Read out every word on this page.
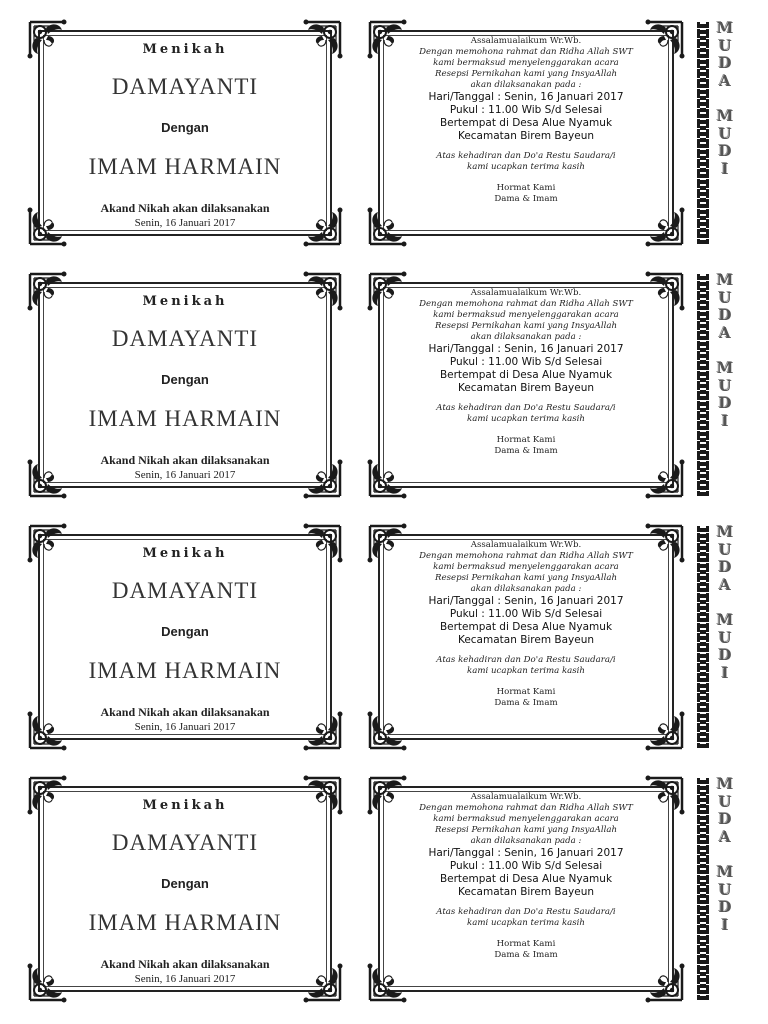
Menikah
DAMAYANTI
Dengan
IMAM HARMAIN
Akand Nikah akan dilaksanakan
Senin, 16 Januari 2017
Assalamualaikum Wr.Wb.
Dengan memohona rahmat dan Ridha Allah SWT
kami bermaksud menyelenggarakan acara
Resepsi Pernikahan kami yang InsyaAllah
akan dilaksanakan pada :
Hari/Tanggal : Senin, 16 Januari 2017
Pukul : 11.00 Wib S/d Selesai
Bertempat di Desa Alue Nyamuk
Kecamatan Birem Bayeun
Atas kehadiran dan Do'a Restu Saudara/i
kami ucapkan terima kasih
Hormat Kami
Dama & Imam
M
U
D
A

M
U
D
I
Menikah
DAMAYANTI
Dengan
IMAM HARMAIN
Akand Nikah akan dilaksanakan
Senin, 16 Januari 2017
Assalamualaikum Wr.Wb.
Dengan memohona rahmat dan Ridha Allah SWT
kami bermaksud menyelenggarakan acara
Resepsi Pernikahan kami yang InsyaAllah
akan dilaksanakan pada :
Hari/Tanggal : Senin, 16 Januari 2017
Pukul : 11.00 Wib S/d Selesai
Bertempat di Desa Alue Nyamuk
Kecamatan Birem Bayeun
Atas kehadiran dan Do'a Restu Saudara/i
kami ucapkan terima kasih
Hormat Kami
Dama & Imam
M
U
D
A

M
U
D
I
Menikah
DAMAYANTI
Dengan
IMAM HARMAIN
Akand Nikah akan dilaksanakan
Senin, 16 Januari 2017
Assalamualaikum Wr.Wb.
Dengan memohona rahmat dan Ridha Allah SWT
kami bermaksud menyelenggarakan acara
Resepsi Pernikahan kami yang InsyaAllah
akan dilaksanakan pada :
Hari/Tanggal : Senin, 16 Januari 2017
Pukul : 11.00 Wib S/d Selesai
Bertempat di Desa Alue Nyamuk
Kecamatan Birem Bayeun
Atas kehadiran dan Do'a Restu Saudara/i
kami ucapkan terima kasih
Hormat Kami
Dama & Imam
M
U
D
A

M
U
D
I
Menikah
DAMAYANTI
Dengan
IMAM HARMAIN
Akand Nikah akan dilaksanakan
Senin, 16 Januari 2017
Assalamualaikum Wr.Wb.
Dengan memohona rahmat dan Ridha Allah SWT
kami bermaksud menyelenggarakan acara
Resepsi Pernikahan kami yang InsyaAllah
akan dilaksanakan pada :
Hari/Tanggal : Senin, 16 Januari 2017
Pukul : 11.00 Wib S/d Selesai
Bertempat di Desa Alue Nyamuk
Kecamatan Birem Bayeun
Atas kehadiran dan Do'a Restu Saudara/i
kami ucapkan terima kasih
Hormat Kami
Dama & Imam
M
U
D
A

M
U
D
I
